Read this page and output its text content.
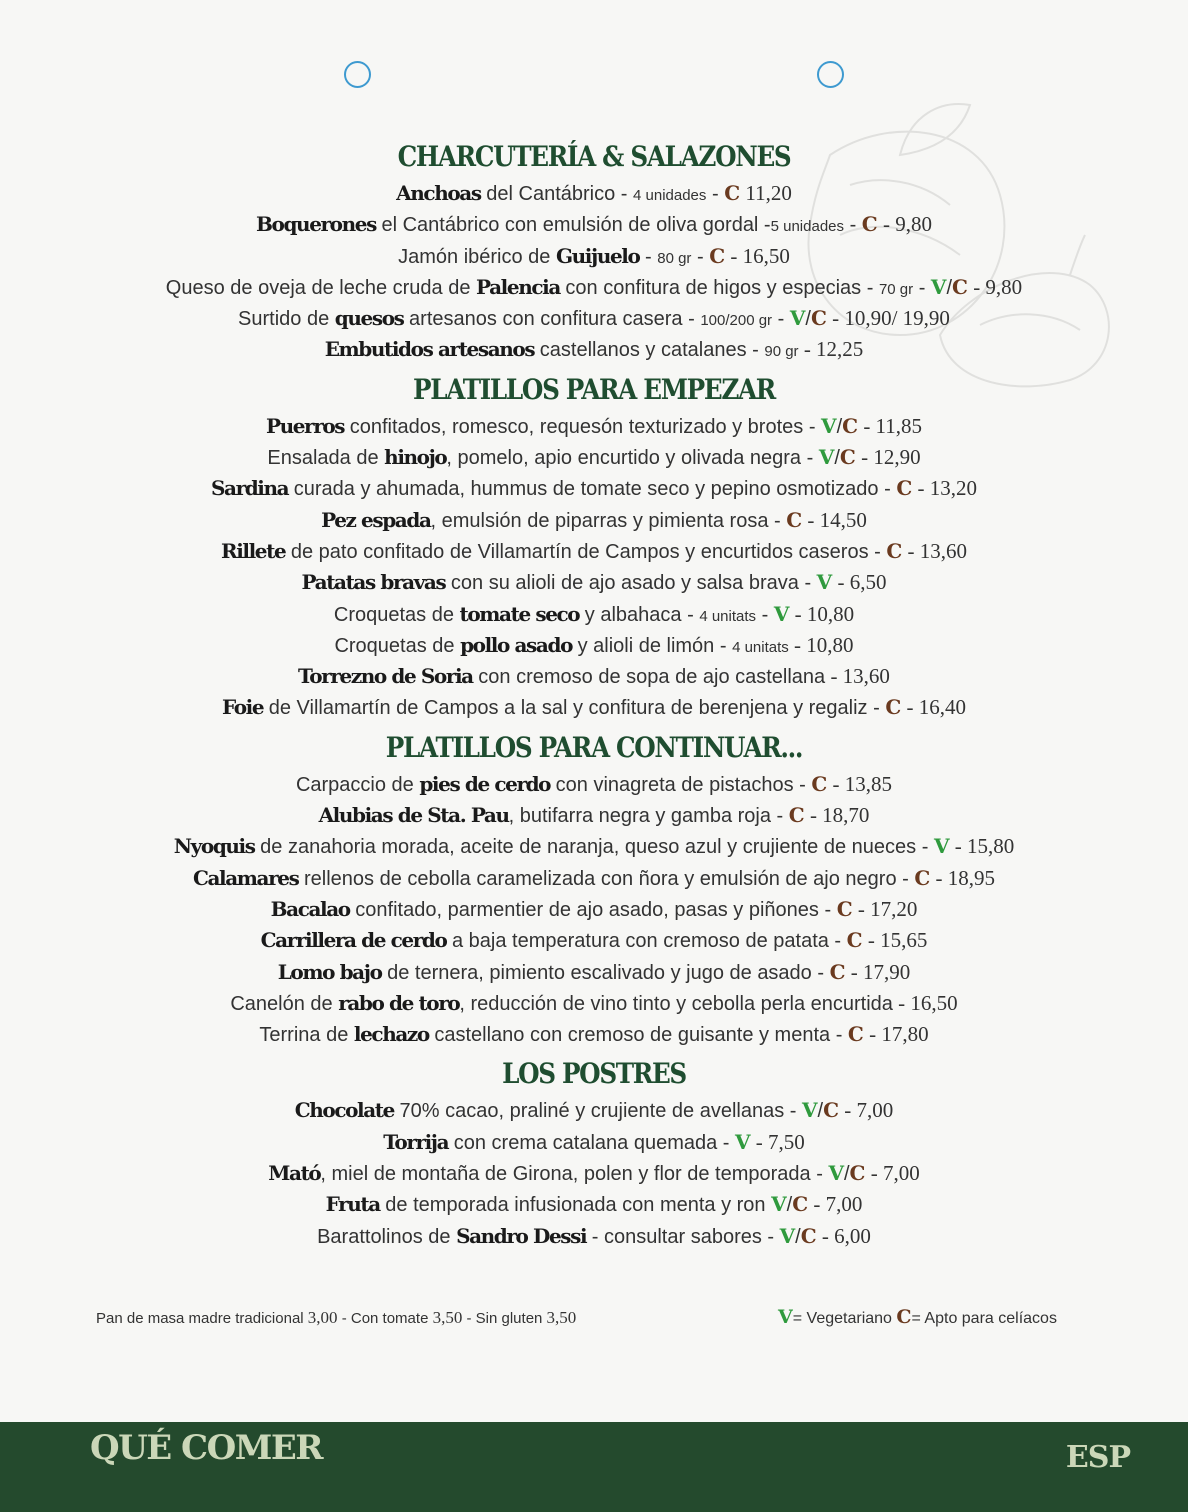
CHARCUTERÍA & SALAZONES
Anchoas del Cantábrico - 4 unidades - C 11,20
Boquerones el Cantábrico con emulsión de oliva gordal -5 unidades - C - 9,80
Jamón ibérico de Guijuelo - 80 gr - C - 16,50
Queso de oveja de leche cruda de Palencia con confitura de higos y especias - 70 gr - V/C - 9,80
Surtido de quesos artesanos con confitura casera - 100/200 gr - V/C - 10,90/ 19,90
Embutidos artesanos castellanos y catalanes - 90 gr - 12,25
PLATILLOS PARA EMPEZAR
Puerros confitados, romesco, requesón texturizado y brotes - V/C - 11,85
Ensalada de hinojo, pomelo, apio encurtido y olivada negra - V/C - 12,90
Sardina curada y ahumada, hummus de tomate seco y pepino osmotizado - C - 13,20
Pez espada, emulsión de piparras y pimienta rosa - C - 14,50
Rillete de pato confitado de Villamartín de Campos y encurtidos caseros - C - 13,60
Patatas bravas con su alioli de ajo asado y salsa brava - V - 6,50
Croquetas de tomate seco y albahaca - 4 unitats - V - 10,80
Croquetas de pollo asado y alioli de limón - 4 unitats - 10,80
Torrezno de Soria con cremoso de sopa de ajo castellana - 13,60
Foie de Villamartín de Campos a la sal y confitura de berenjena y regaliz - C - 16,40
PLATILLOS PARA CONTINUAR...
Carpaccio de pies de cerdo con vinagreta de pistachos - C - 13,85
Alubias de Sta. Pau, butifarra negra y gamba roja - C - 18,70
Nyoquis de zanahoria morada, aceite de naranja, queso azul y crujiente de nueces - V - 15,80
Calamares rellenos de cebolla caramelizada con ñora y emulsión de ajo negro - C - 18,95
Bacalao confitado, parmentier de ajo asado, pasas y piñones - C - 17,20
Carrillera de cerdo a baja temperatura con cremoso de patata - C - 15,65
Lomo bajo de ternera, pimiento escalivado y jugo de asado - C - 17,90
Canelón de rabo de toro, reducción de vino tinto y cebolla perla encurtida - 16,50
Terrina de lechazo castellano con cremoso de guisante y menta - C - 17,80
LOS POSTRES
Chocolate 70% cacao, praliné y crujiente de avellanas - V/C - 7,00
Torrija con crema catalana quemada - V - 7,50
Mató, miel de montaña de Girona, polen y flor de temporada - V/C - 7,00
Fruta de temporada infusionada con menta y ron V/C - 7,00
Barattolinos de Sandro Dessi - consultar sabores - V/C - 6,00
Pan de masa madre tradicional 3,00 - Con tomate 3,50 - Sin gluten 3,50	V= Vegetariano C= Apto para celíacos
QUÉ COMER	ESP
